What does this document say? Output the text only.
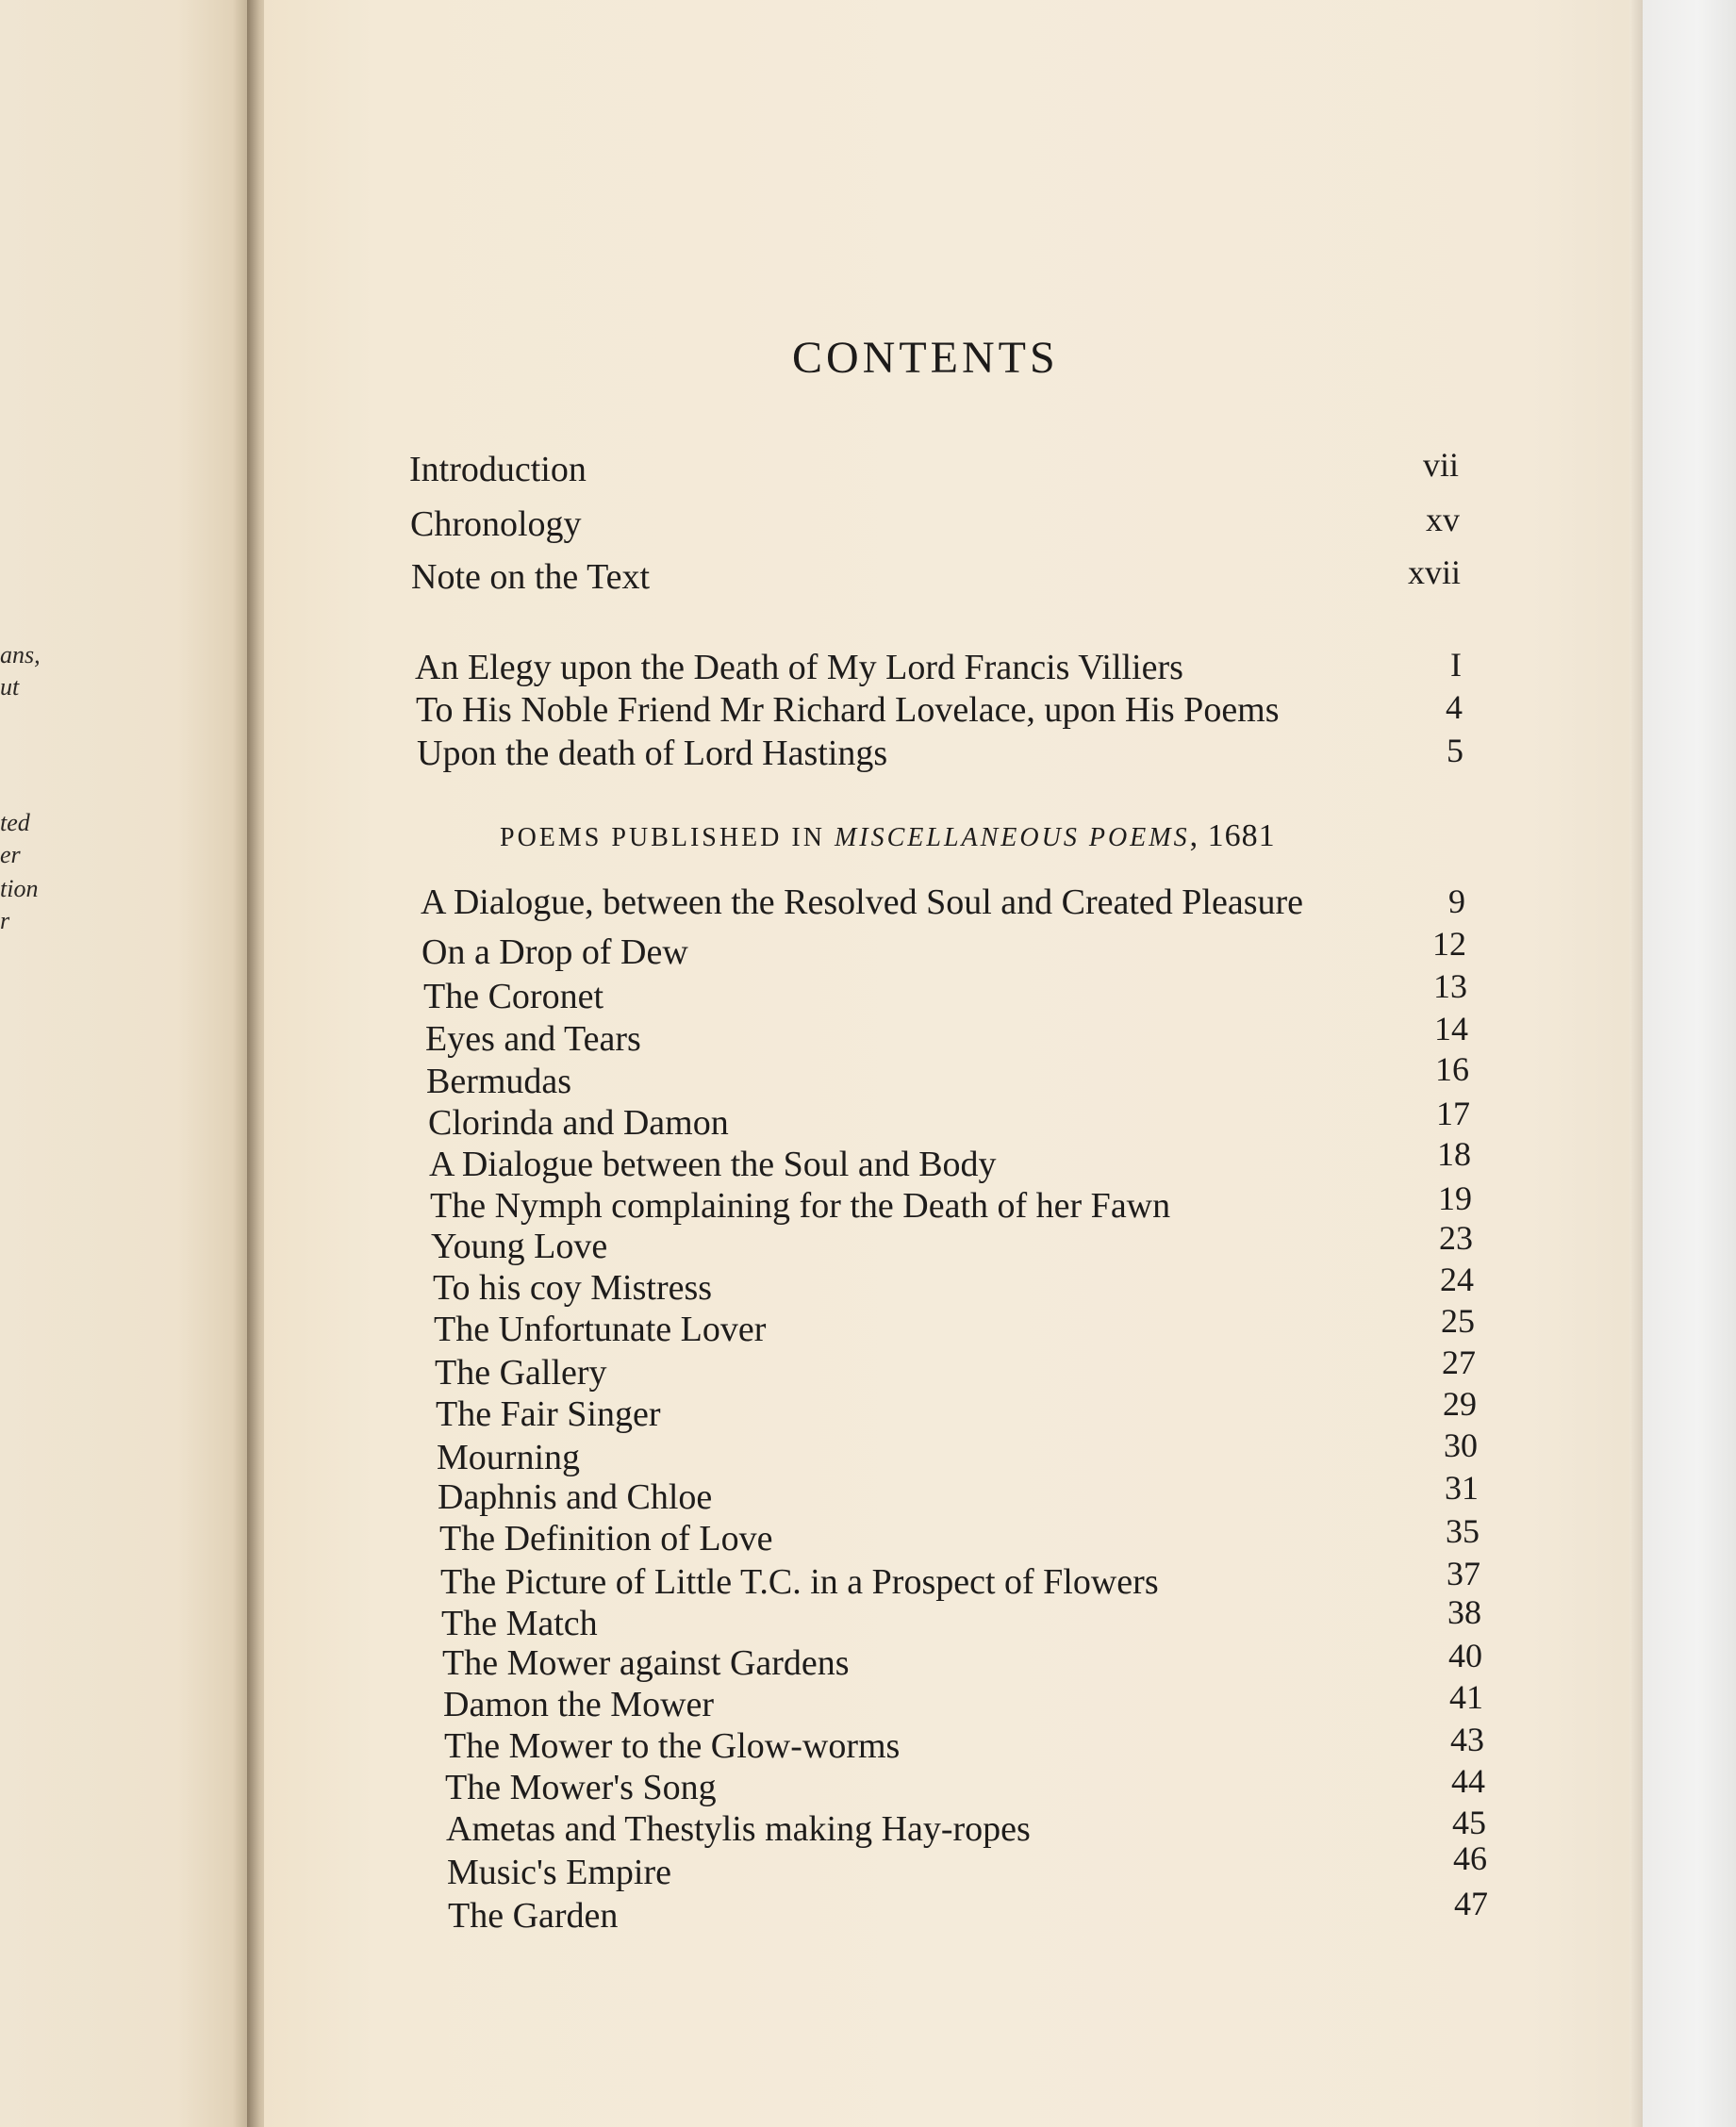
ans,
ut
ted
er
tion
r
CONTENTS
Introduction	vii
Chronology	xv
Note on the Text	xvii
An Elegy upon the Death of My Lord Francis Villiers	I
To His Noble Friend Mr Richard Lovelace, upon His Poems	4
Upon the death of Lord Hastings	5
POEMS PUBLISHED IN MISCELLANEOUS POEMS, 1681
A Dialogue, between the Resolved Soul and Created Pleasure	9
On a Drop of Dew	12
The Coronet	13
Eyes and Tears	14
Bermudas	16
Clorinda and Damon	17
A Dialogue between the Soul and Body	18
The Nymph complaining for the Death of her Fawn	19
Young Love	23
To his coy Mistress	24
The Unfortunate Lover	25
The Gallery	27
The Fair Singer	29
Mourning	30
Daphnis and Chloe	31
The Definition of Love	35
The Picture of Little T.C. in a Prospect of Flowers	37
The Match	38
The Mower against Gardens	40
Damon the Mower	41
The Mower to the Glow-worms	43
The Mower's Song	44
Ametas and Thestylis making Hay-ropes	45
Music's Empire	46
The Garden	47
